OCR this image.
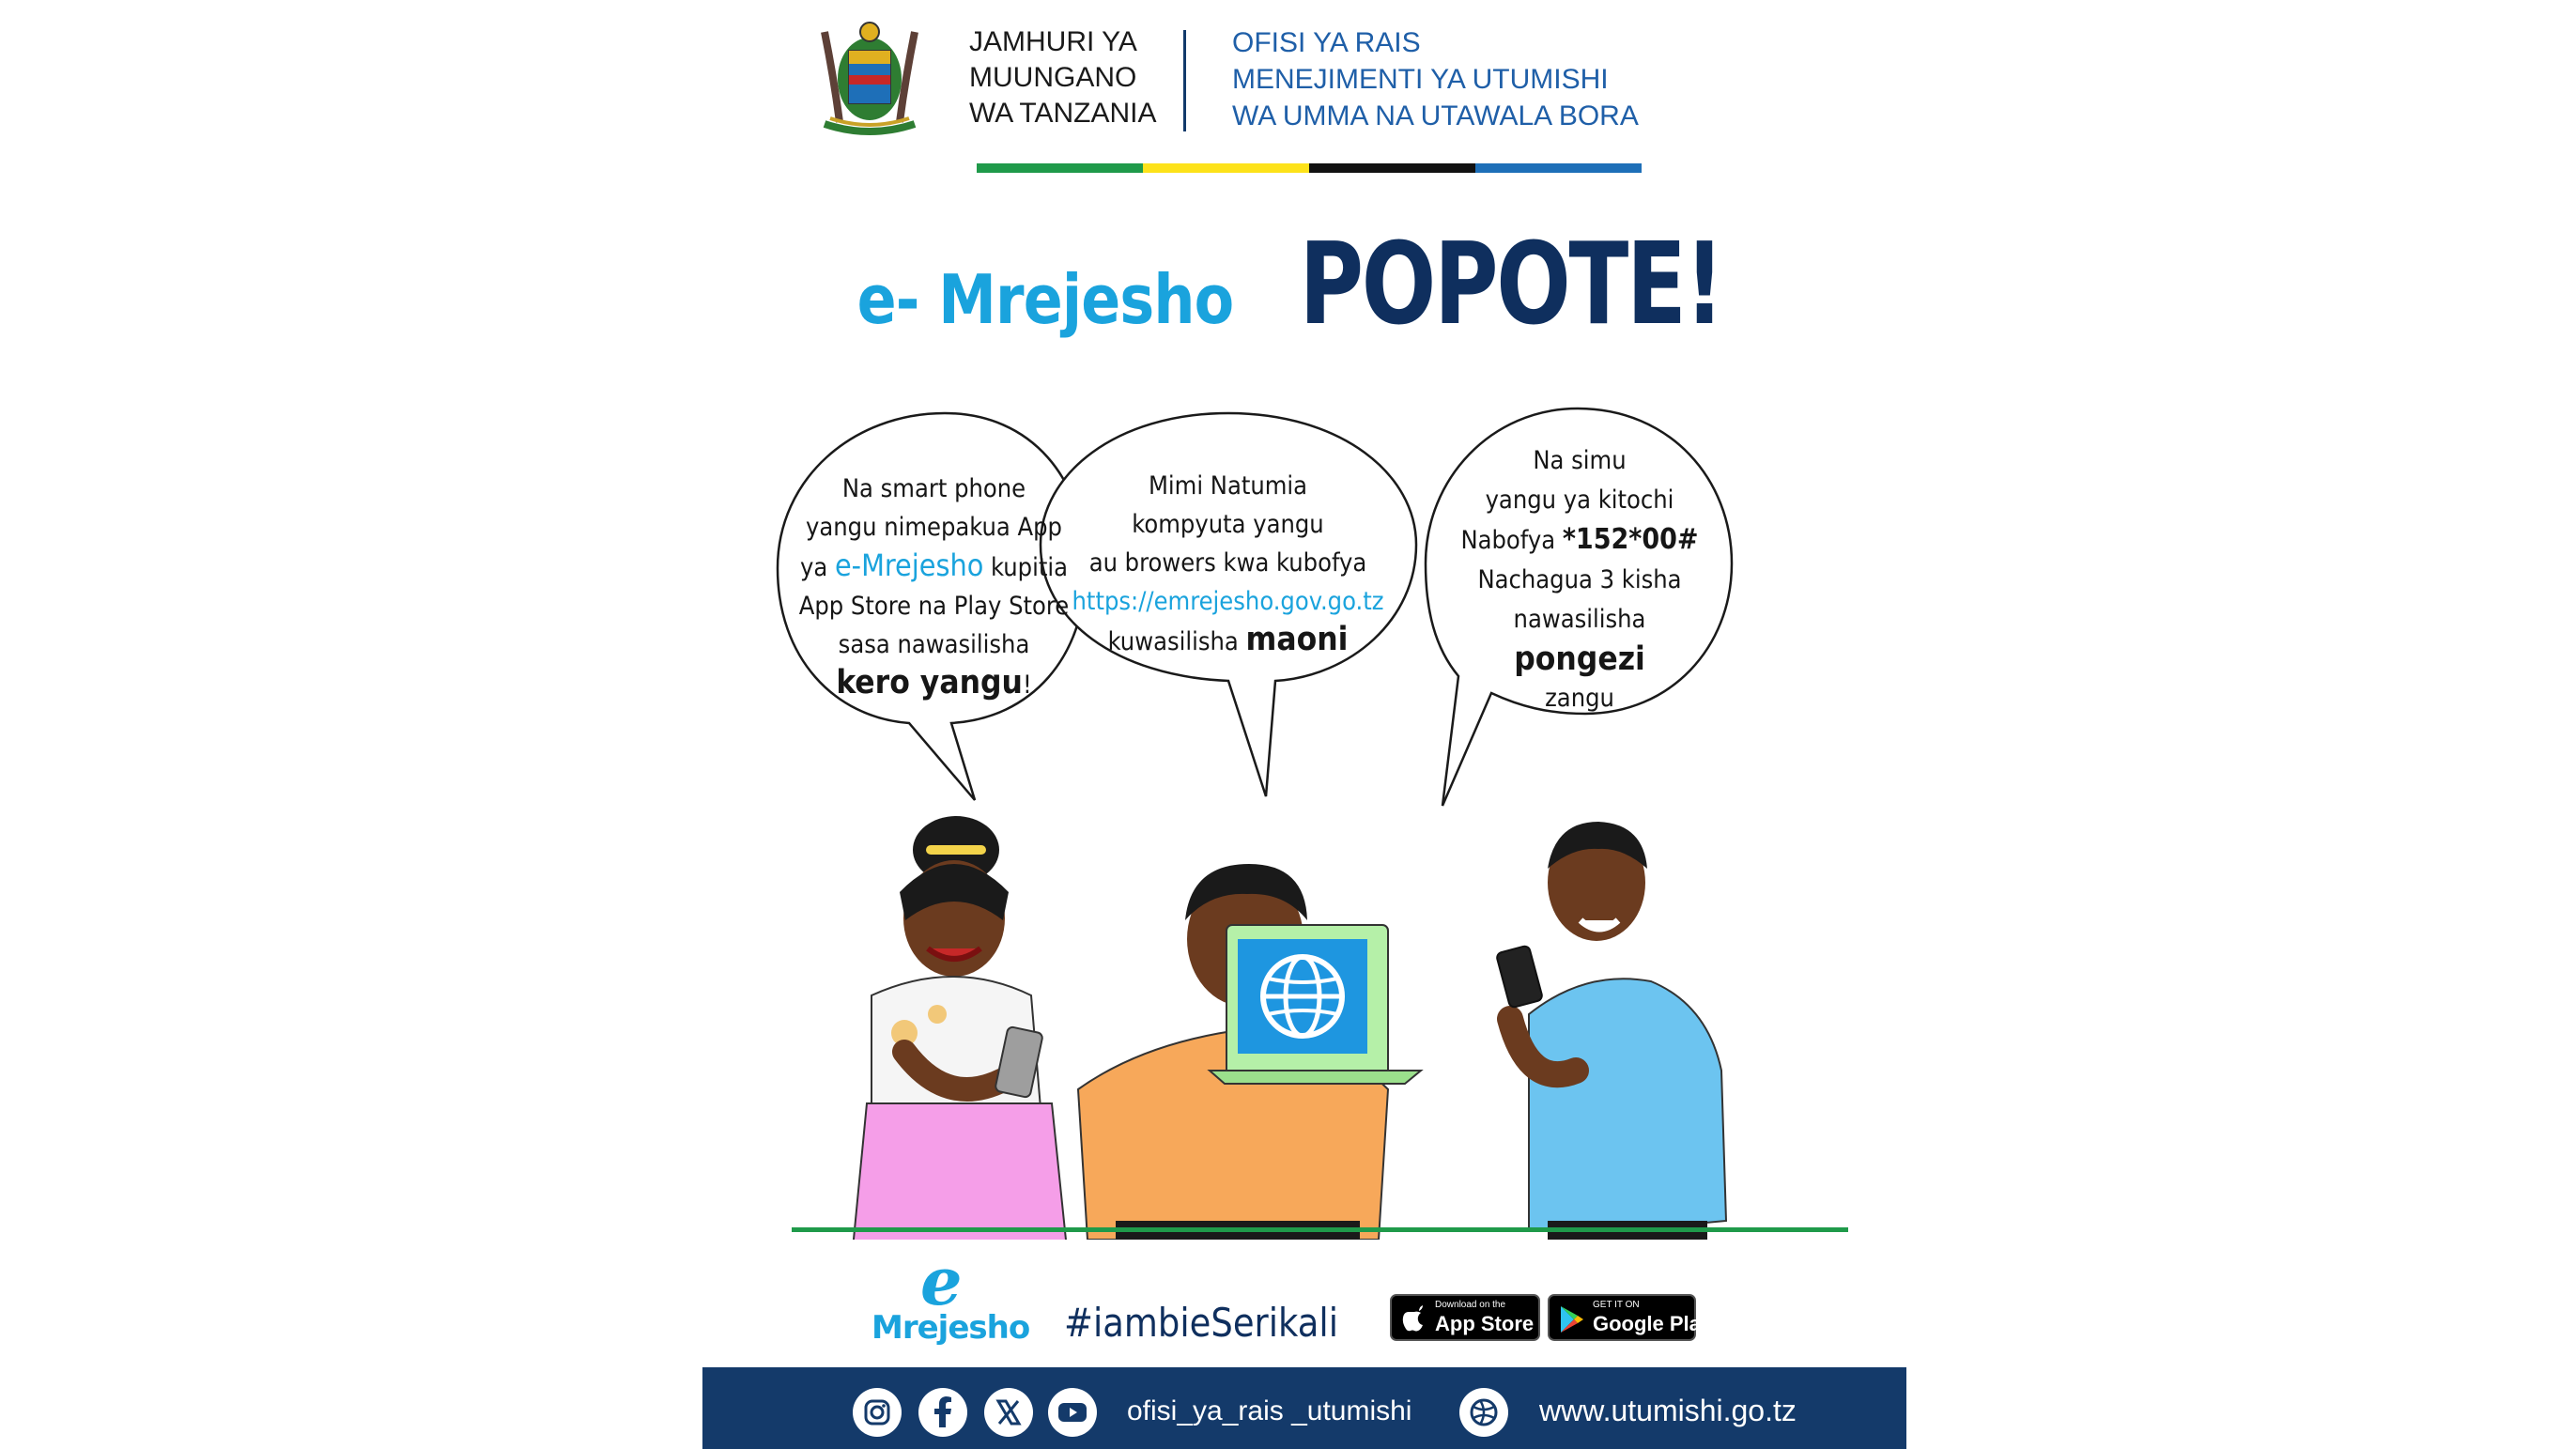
JAMHURI YA
MUUNGANO
WA TANZANIA
OFISI YA RAIS
MENEJIMENTI YA UTUMISHI
WA UMMA NA UTAWALA BORA
e- Mrejesho POPOTE!
Na smart phone
yangu nimepakua App
ya e-Mrejesho kupitia
App Store na Play Store
sasa nawasilisha
kero yangu!
Mimi Natumia
kompyuta yangu
au browers kwa kubofya
https://emrejesho.gov.go.tz
kuwasilisha maoni
Na simu
yangu ya kitochi
Nabofya *152*00#
Nachagua 3 kisha
nawasilisha
pongezi
zangu
e
Mrejesho #iambieSerikali	Download on the
App Store
GET IT ON
Google Play
ofisi_ya_rais _utumishi	www.utumishi.go.tz
